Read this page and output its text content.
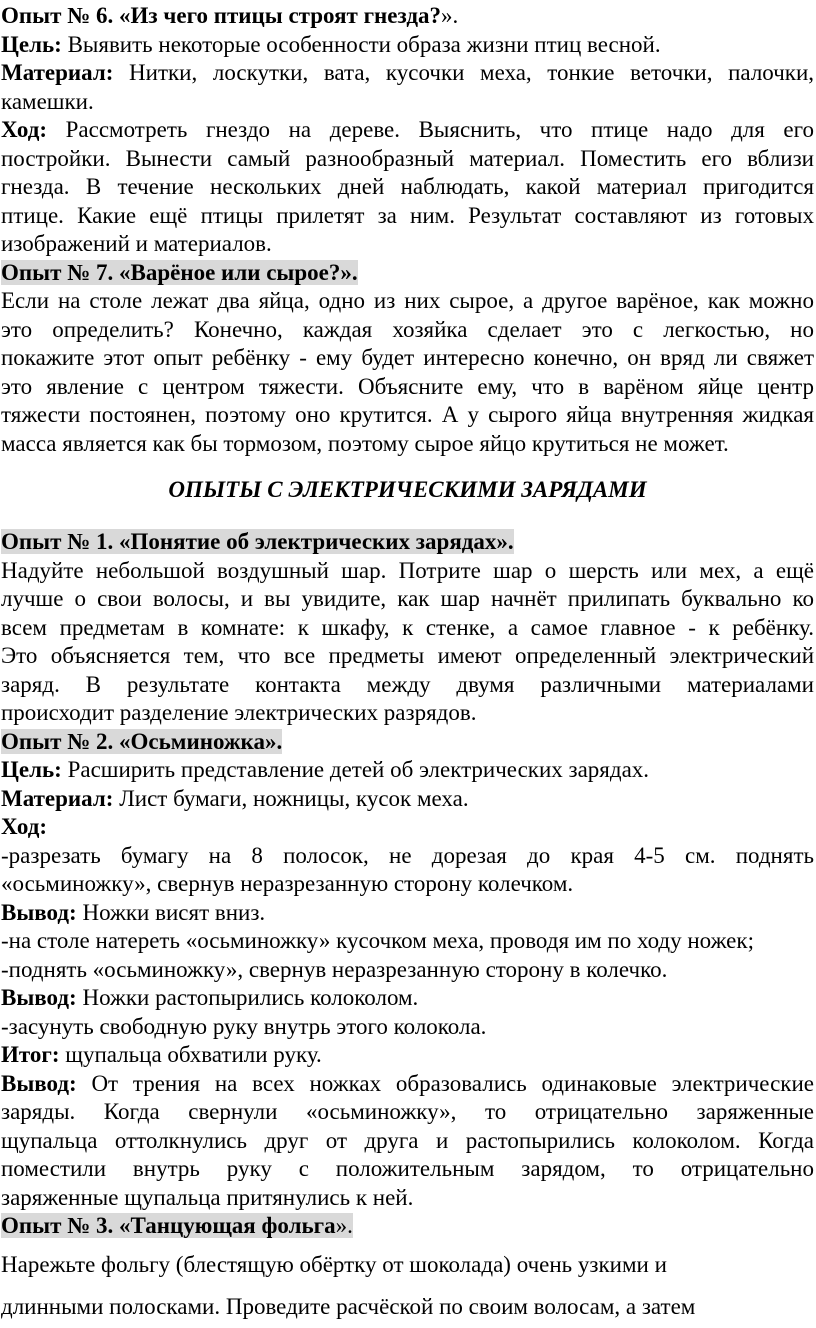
Опыт № 6. «Из чего птицы строят гнезда?».
Цель: Выявить некоторые особенности образа жизни птиц весной.
Материал: Нитки, лоскутки, вата, кусочки меха, тонкие веточки, палочки,
камешки.
Ход: Рассмотреть гнездо на дереве. Выяснить, что птице надо для его
постройки. Вынести самый разнообразный материал. Поместить его вблизи
гнезда. В течение нескольких дней наблюдать, какой материал пригодится
птице. Какие ещё птицы прилетят за ним. Результат составляют из готовых
изображений и материалов.
Опыт № 7. «Варёное или сырое?».
Если на столе лежат два яйца, одно из них сырое, а другое варёное, как можно
это определить? Конечно, каждая хозяйка сделает это с легкостью, но
покажите этот опыт ребёнку - ему будет интересно конечно, он вряд ли свяжет
это явление с центром тяжести. Объясните ему, что в варёном яйце центр
тяжести постоянен, поэтому оно крутится. А у сырого яйца внутренняя жидкая
масса является как бы тормозом, поэтому сырое яйцо крутиться не может.
ОПЫТЫ С ЭЛЕКТРИЧЕСКИМИ ЗАРЯДАМИ
Опыт № 1. «Понятие об электрических зарядах».
Надуйте небольшой воздушный шар. Потрите шар о шерсть или мех, а ещё
лучше о свои волосы, и вы увидите, как шар начнёт прилипать буквально ко
всем предметам в комнате: к шкафу, к стенке, а самое главное - к ребёнку.
Это объясняется тем, что все предметы имеют определенный электрический
заряд. В результате контакта между двумя различными материалами
происходит разделение электрических разрядов.
Опыт № 2. «Осьминожка».
Цель: Расширить представление детей об электрических зарядах.
Материал: Лист бумаги, ножницы, кусок меха.
Ход:
-разрезать бумагу на 8 полосок, не дорезая до края 4-5 см. поднять
«осьминожку», свернув неразрезанную сторону колечком.
Вывод: Ножки висят вниз.
-на столе натереть «осьминожку» кусочком меха, проводя им по ходу ножек;
-поднять «осьминожку», свернув неразрезанную сторону в колечко.
Вывод: Ножки растопырились колоколом.
-засунуть свободную руку внутрь этого колокола.
Итог: щупальца обхватили руку.
Вывод: От трения на всех ножках образовались одинаковые электрические
заряды. Когда свернули «осьминожку», то отрицательно заряженные
щупальца оттолкнулись друг от друга и растопырились колоколом. Когда
поместили внутрь руку с положительным зарядом, то отрицательно
заряженные щупальца притянулись к ней.
Опыт № 3. «Танцующая фольга».
Нарежьте фольгу (блестящую обёртку от шоколада) очень узкими и
длинными полосками. Проведите расчёской по своим волосам, а затем
